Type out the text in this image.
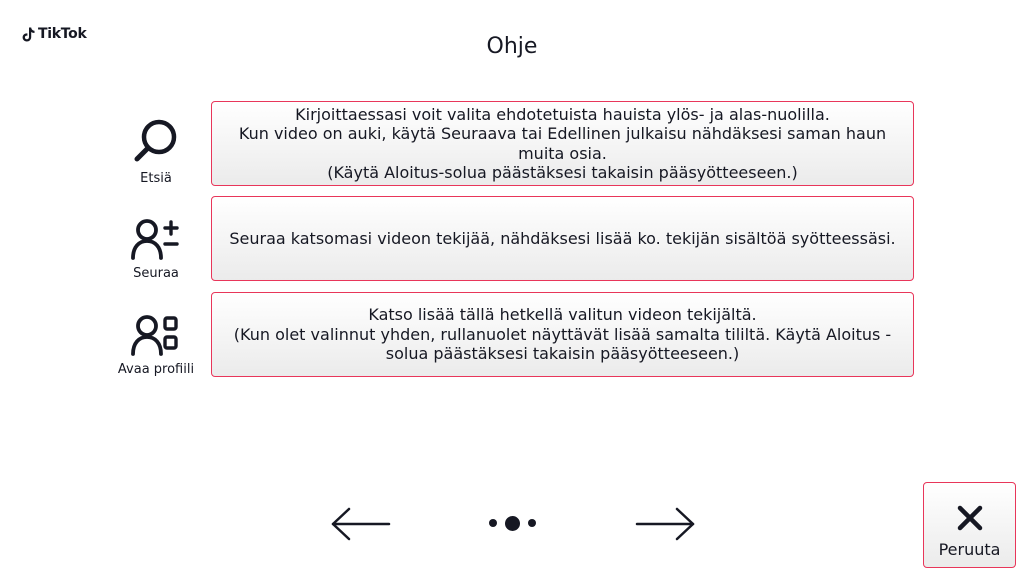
TikTok	Ohje
Etsiä
Kirjoittaessasi voit valita ehdotetuista hauista ylös- ja alas-nuolilla.
Kun video on auki, käytä Seuraava tai Edellinen julkaisu nähdäksesi saman haun muita osia.
(Käytä Aloitus-solua päästäksesi takaisin pääsyötteeseen.)
Seuraa
Seuraa katsomasi videon tekijää, nähdäksesi lisää ko. tekijän sisältöä syötteessäsi.
Avaa profiili
Katso lisää tällä hetkellä valitun videon tekijältä.
(Kun olet valinnut yhden, rullanuolet näyttävät lisää samalta tililtä. Käytä Aloitus -solua päästäksesi takaisin pääsyötteeseen.)
Peruuta
